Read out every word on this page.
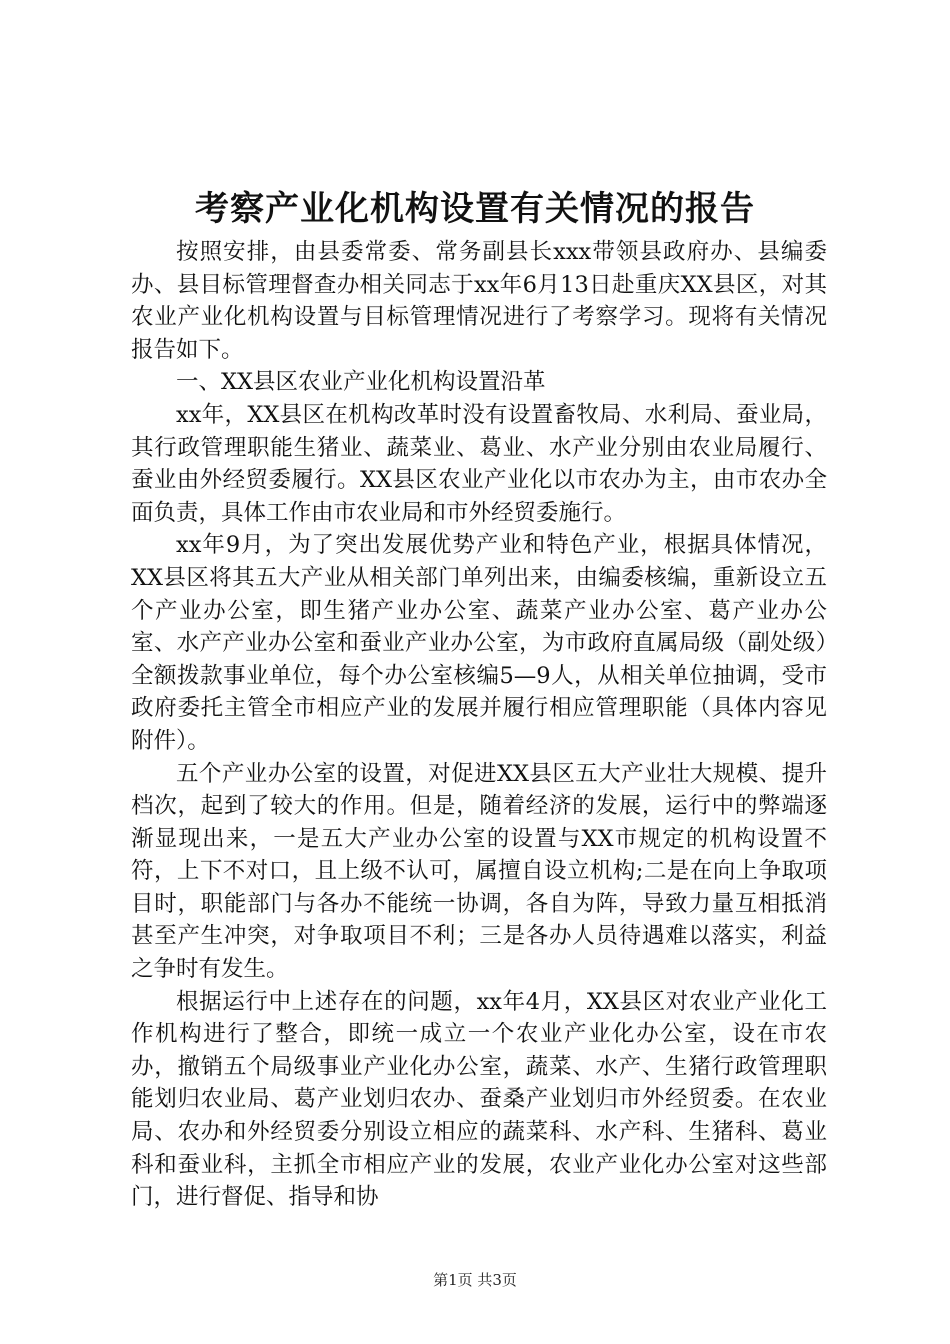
考察产业化机构设置有关情况的报告

按照安排，由县委常委、常务副县长xxx带领县政府办、县编委办、县目标管理督查办相关同志于xx年6月13日赴重庆XX县区，对其农业产业化机构设置与目标管理情况进行了考察学习。现将有关情况报告如下。

一、XX县区农业产业化机构设置沿革

xx年，XX县区在机构改革时没有设置畜牧局、水利局、蚕业局，其行政管理职能生猪业、蔬菜业、葛业、水产业分别由农业局履行、蚕业由外经贸委履行。XX县区农业产业化以市农办为主，由市农办全面负责，具体工作由市农业局和市外经贸委施行。

xx年9月，为了突出发展优势产业和特色产业，根据具体情况，XX县区将其五大产业从相关部门单列出来，由编委核编，重新设立五个产业办公室，即生猪产业办公室、蔬菜产业办公室、葛产业办公室、水产产业办公室和蚕业产业办公室，为市政府直属局级（副处级）全额拨款事业单位，每个办公室核编5—9人，从相关单位抽调，受市政府委托主管全市相应产业的发展并履行相应管理职能（具体内容见附件）。

五个产业办公室的设置，对促进XX县区五大产业壮大规模、提升档次，起到了较大的作用。但是，随着经济的发展，运行中的弊端逐渐显现出来，一是五大产业办公室的设置与XX市规定的机构设置不符，上下不对口，且上级不认可，属擅自设立机构;二是在向上争取项目时，职能部门与各办不能统一协调，各自为阵，导致力量互相抵消甚至产生冲突，对争取项目不利；三是各办人员待遇难以落实，利益之争时有发生。

根据运行中上述存在的问题，xx年4月，XX县区对农业产业化工作机构进行了整合，即统一成立一个农业产业化办公室，设在市农办，撤销五个局级事业产业化办公室，蔬菜、水产、生猪行政管理职能划归农业局、葛产业划归农办、蚕桑产业划归市外经贸委。在农业局、农办和外经贸委分别设立相应的蔬菜科、水产科、生猪科、葛业科和蚕业科，主抓全市相应产业的发展，农业产业化办公室对这些部门，进行督促、指导和协

第1页 共3页
